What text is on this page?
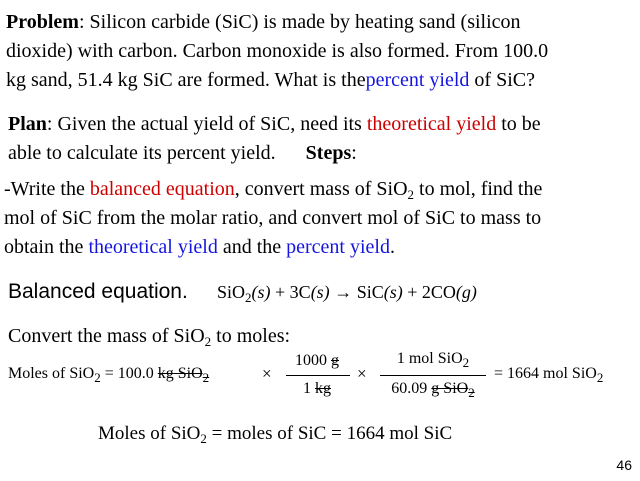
Problem: Silicon carbide (SiC) is made by heating sand (silicon
dioxide) with carbon. Carbon monoxide is also formed. From 100.0
kg sand, 51.4 kg SiC are formed. What is thepercent yield of SiC?
Plan: Given the actual yield of SiC, need its theoretical yield to be
able to calculate its percent yield. Steps:
-Write the balanced equation, convert mass of SiO$_2$ to mol, find the
mol of SiC from the molar ratio, and convert mol of SiC to mass to
obtain the theoretical yield and the percent yield.
Balanced equation. SiO$_2$(s) + 3C(s) → SiC(s) + 2CO(g)
Convert the mass of SiO$_2$ to moles:
Moles of SiO$_2$ = 100.0 kg SiO$_2$	×
1000 g
1 kg
×
1 mol SiO$_2$
60.09 g SiO$_2$
= 1664 mol SiO$_2$
Moles of SiO$_2$ = moles of SiC = 1664 mol SiC
46
